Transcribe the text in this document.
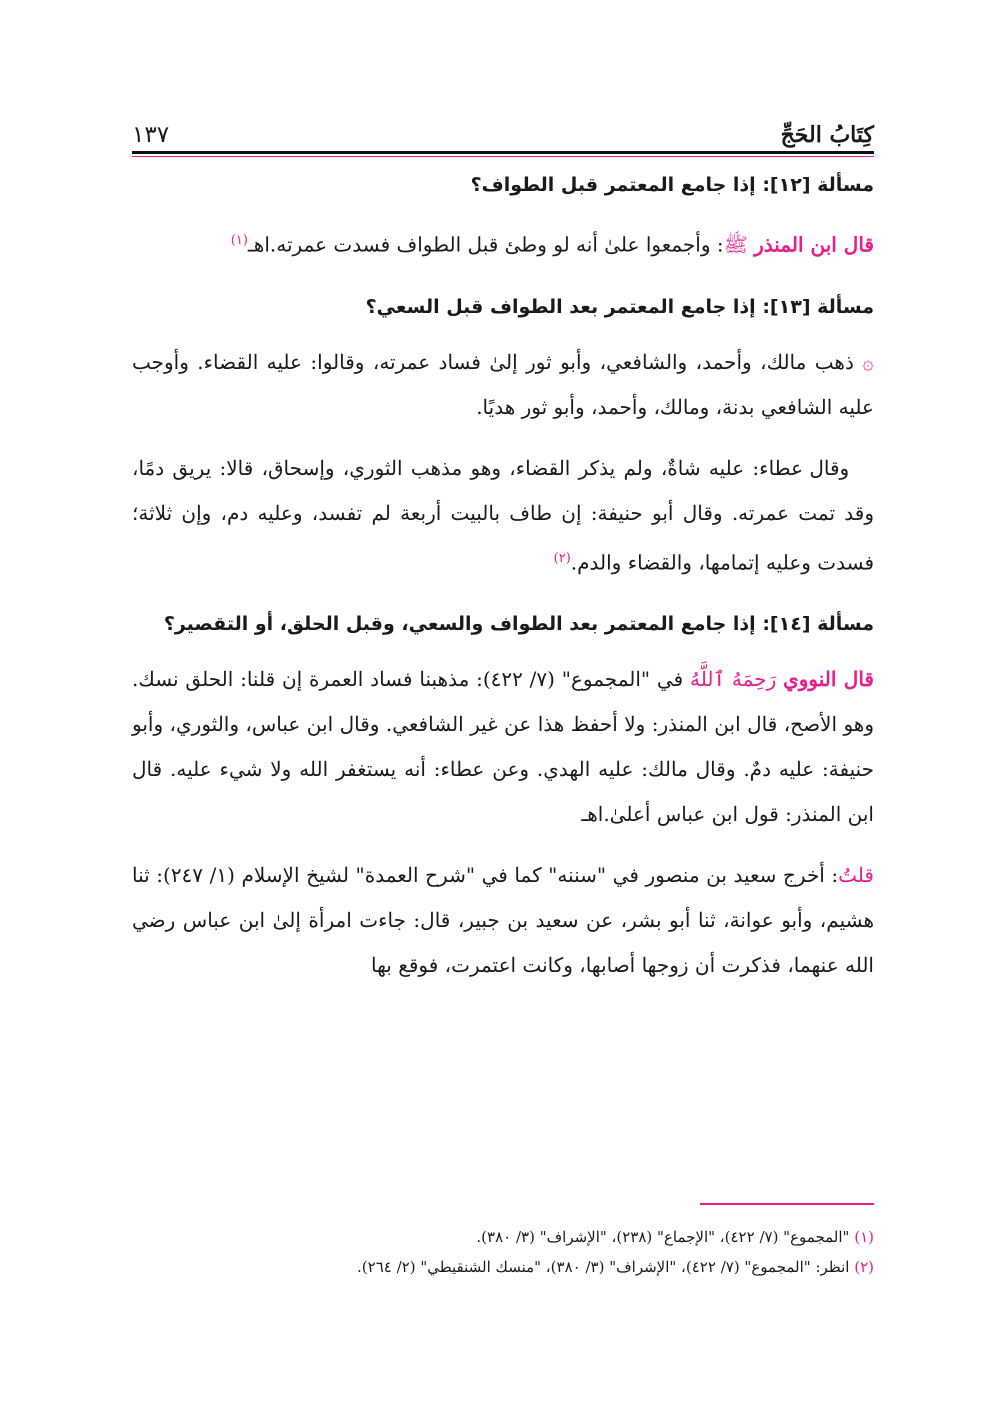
كِتَابُ الحَجِّ
١٣٧

مسألة [١٢]: إذا جامع المعتمر قبل الطواف؟

قال ابن المنذر ﷺ: وأجمعوا علىٰ أنه لو وطئ قبل الطواف فسدت عمرته.اهـ$^{(١)}$

مسألة [١٣]: إذا جامع المعتمر بعد الطواف قبل السعي؟

۞ ذهب مالك، وأحمد، والشافعي، وأبو ثور إلىٰ فساد عمرته، وقالوا: عليه القضاء. وأوجب عليه الشافعي بدنة، ومالك، وأحمد، وأبو ثور هديًا.

وقال عطاء: عليه شاةٌ، ولم يذكر القضاء، وهو مذهب الثوري، وإسحاق، قالا: يريق دمًا، وقد تمت عمرته. وقال أبو حنيفة: إن طاف بالبيت أربعة لم تفسد، وعليه دم، وإن ثلاثة؛ فسدت وعليه إتمامها، والقضاء والدم.$^{(٢)}$

مسألة [١٤]: إذا جامع المعتمر بعد الطواف والسعي، وقبل الحلق، أو التقصير؟

قال النووي رَحِمَهُ ٱللَّهُ في "المجموع" (٧/ ٤٢٢): مذهبنا فساد العمرة إن قلنا: الحلق نسك. وهو الأصح، قال ابن المنذر: ولا أحفظ هذا عن غير الشافعي. وقال ابن عباس، والثوري، وأبو حنيفة: عليه دمٌ. وقال مالك: عليه الهدي. وعن عطاء: أنه يستغفر الله ولا شيء عليه. قال ابن المنذر: قول ابن عباس أعلىٰ.اهـ

قلتُ: أخرج سعيد بن منصور في "سننه" كما في "شرح العمدة" لشيخ الإسلام (١/ ٢٤٧): ثنا هشيم، وأبو عوانة، ثنا أبو بشر، عن سعيد بن جبير، قال: جاءت امرأة إلىٰ ابن عباس رضي الله عنهما، فذكرت أن زوجها أصابها، وكانت اعتمرت، فوقع بها

(١) "المجموع" (٧/ ٤٢٢)، "الإجماع" (٢٣٨)، "الإشراف" (٣/ ٣٨٠).

(٢) انظر: "المجموع" (٧/ ٤٢٢)، "الإشراف" (٣/ ٣٨٠)، "منسك الشنقيطي" (٢/ ٢٦٤).
